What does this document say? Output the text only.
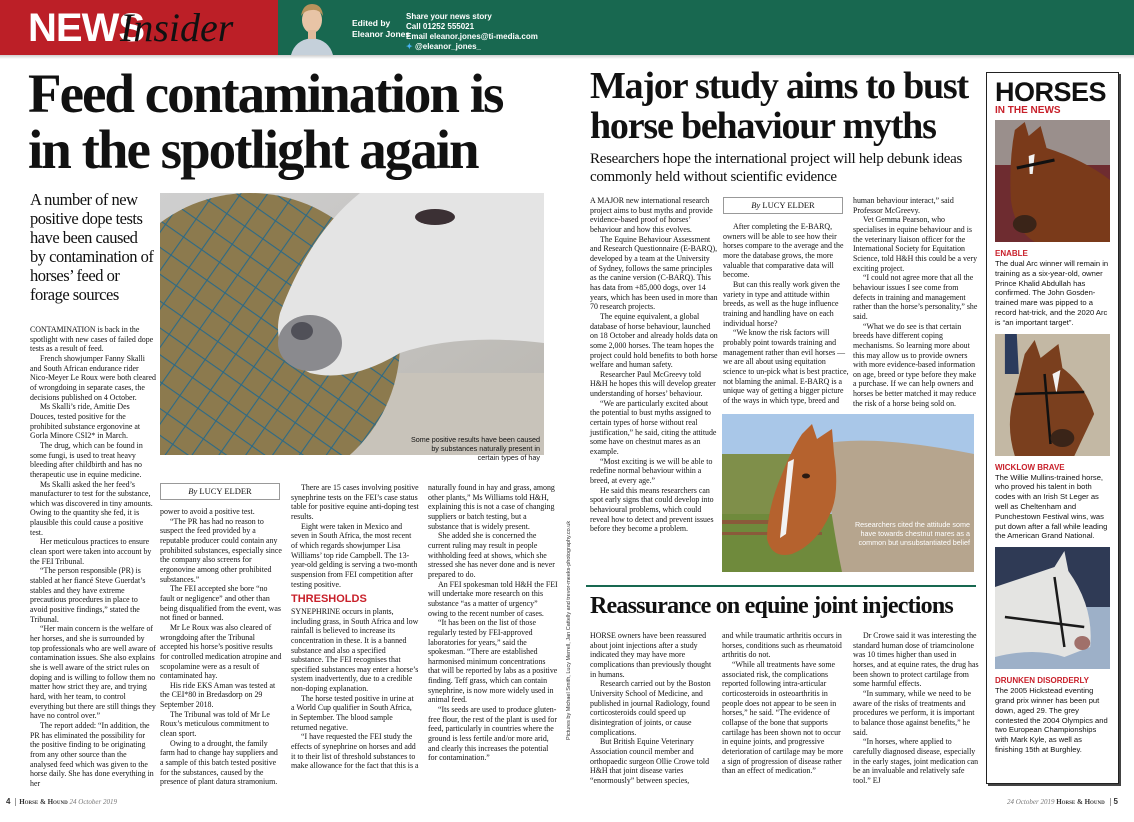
NEWS
Insider	Edited by
Eleanor Jones
Share your news story
Call 01252 555021
Email eleanor.jones@ti-media.com
✦ @eleanor_jones_
Feed contamination is
in the spotlight again
A number of new positive dope tests have been caused by contamination of horses’ feed or forage sources
Some positive results have been caused by substances naturally present in certain types of hay
By LUCY ELDER

CONTAMINATION is back in the spotlight with new cases of failed dope tests as a result of feed.

French showjumper Fanny Skalli and South African endurance rider Nico-Meyer Le Roux were both cleared of wrongdoing in separate cases, the decisions published on 4 October.

Ms Skalli’s ride, Amitie Des Douces, tested positive for the prohibited substance ergonovine at Gorla Minore CSI2* in March.

The drug, which can be found in some fungi, is used to treat heavy bleeding after childbirth and has no therapeutic use in equine medicine.

Ms Skalli asked the her feed’s manufacturer to test for the substance, which was discovered in tiny amounts. Owing to the quantity she fed, it is plausible this could cause a positive test.

Her meticulous practices to ensure clean sport were taken into account by the FEI Tribunal.

“The person responsible (PR) is stabled at her fiancé Steve Guerdat’s stables and they have extreme precautious procedures in place to avoid positive findings,” stated the Tribunal.

“Her main concern is the welfare of her horses, and she is surrounded by top professionals who are well aware of contamination issues. She also explains she is well aware of the strict rules on doping and is willing to follow them no matter how strict they are, and trying hard, with her team, to control everything but there are still things they have no control over.”

The report added: “In addition, the PR has eliminated the possibility for the positive finding to be originating from any other source than the analysed feed which was given to the horse daily. She has done everything in her

power to avoid a positive test.

“The PR has had no reason to suspect the feed provided by a reputable producer could contain any prohibited substances, especially since the company also screens for ergonovine among other prohibited substances.”

The FEI accepted she bore “no fault or negligence” and other than being disqualified from the event, was not fined or banned.

Mr Le Roux was also cleared of wrongdoing after the Tribunal accepted his horse’s positive results for controlled medication atropine and scopolamine were as a result of contaminated hay.

His ride EKS Aman was tested at the CEI*80 in Bredasdorp on 29 September 2018.

The Tribunal was told of Mr Le Roux’s meticulous commitment to clean sport.

Owing to a drought, the family farm had to change hay suppliers and a sample of this batch tested positive for the substances, caused by the presence of plant datura stramonium.

There are 15 cases involving positive synephrine tests on the FEI’s case status table for positive equine anti-doping test results.

Eight were taken in Mexico and seven in South Africa, the most recent of which regards showjumper Lisa Williams’ top ride Campbell. The 13-year-old gelding is serving a two-month suspension from FEI competition after testing positive.

THRESHOLDS

SYNEPHRINE occurs in plants, including grass, in South Africa and low rainfall is believed to increase its concentration in these. It is a banned substance and also a specified substance. The FEI recognises that specified substances may enter a horse’s system inadvertently, due to a credible non-doping explanation.

The horse tested positive in urine at a World Cup qualifier in South Africa, in September. The blood sample returned negative.

“I have requested the FEI study the effects of synephrine on horses and add it to their list of threshold substances to make allowance for the fact that this is a

naturally found in hay and grass, among other plants,” Ms Williams told H&H, explaining this is not a case of changing suppliers or batch testing, but a substance that is widely present.

She added she is concerned the current ruling may result in people withholding feed at shows, which she stressed she has never done and is never prepared to do.

An FEI spokesman told H&H the FEI will undertake more research on this substance “as a matter of urgency” owing to the recent number of cases.

“It has been on the list of those regularly tested by FEI-approved laboratories for years,” said the spokesman. “There are established harmonised minimum concentrations that will be reported by labs as a positive finding. Teff grass, which can contain synephrine, is now more widely used in animal feed.

“Its seeds are used to produce gluten-free flour, the rest of the plant is used for feed, particularly in countries where the ground is less fertile and/or more arid, and clearly this increases the potential for contamination.”

Pictures by Michael Smith, Lucy Merrell, Jan Cattelly and trevor-meeks-photography.co.uk
Major study aims to bust
horse behaviour myths
Researchers hope the international project will help debunk ideas commonly held without scientific evidence

A MAJOR new international research project aims to bust myths and provide evidence-based proof of horses’ behaviour and how this evolves.

The Equine Behaviour Assessment and Research Questionnaire (E-BARQ), developed by a team at the University of Sydney, follows the same principles as the canine version (C-BARQ). This has data from +85,000 dogs, over 14 years, which has been used in more than 70 research projects.

The equine equivalent, a global database of horse behaviour, launched on 18 October and already holds data on some 2,000 horses. The team hopes the project could hold benefits to both horse welfare and human safety.

Researcher Paul McGreevy told H&H he hopes this will develop greater understanding of horses’ behaviour.

“We are particularly excited about the potential to bust myths assigned to certain types of horse without real justification,” he said, citing the attitude some have on chestnut mares as an example.

“Most exciting is we will be able to redefine normal behaviour within a breed, at every age.”

He said this means researchers can spot early signs that could develop into behavioural problems, which could reveal how to detect and prevent issues before they become a problem.

By LUCY ELDER

After completing the E-BARQ, owners will be able to see how their horses compare to the average and the more the database grows, the more valuable that comparative data will become.

But can this really work given the variety in type and attitude within breeds, as well as the huge influence training and handling have on each individual horse?

“We know the risk factors will probably point towards training and management rather than evil horses — we are all about using equitation science to un-pick what is best practice, not blaming the animal. E-BARQ is a unique way of getting a bigger picture of the ways in which type, breed and

human behaviour interact,” said Professor McGreevy.

Vet Gemma Pearson, who specialises in equine behaviour and is the veterinary liaison officer for the International Society for Equitation Science, told H&H this could be a very exciting project.

“I could not agree more that all the behaviour issues I see come from defects in training and management rather than the horse’s personality,” she said.

“What we do see is that certain breeds have different coping mechanisms. So learning more about this may allow us to provide owners with more evidence-based information on age, breed or type before they make a purchase. If we can help owners and horses be better matched it may reduce the risk of a horse being sold on.

Researchers cited the attitude some have towards chestnut mares as a common but unsubstantiated belief
Reassurance on equine joint injections

HORSE owners have been reassured about joint injections after a study indicated they may have more complications than previously thought in humans.

Research carried out by the Boston University School of Medicine, and published in journal Radiology, found corticosteroids could speed up disintegration of joints, or cause complications.

But British Equine Veterinary Association council member and orthopaedic surgeon Ollie Crowe told H&H that joint disease varies “enormously” between species,

and while traumatic arthritis occurs in horses, conditions such as rheumatoid arthritis do not.

“While all treatments have some associated risk, the complications reported following intra-articular corticosteroids in osteoarthritis in people does not appear to be seen in horses,” he said. “The evidence of collapse of the bone that supports cartilage has been shown not to occur in equine joints, and progressive deterioration of cartilage may be more a sign of progression of disease rather than an effect of medication.”

Dr Crowe said it was interesting the standard human dose of triamcinolone was 10 times higher than used in horses, and at equine rates, the drug has been shown to protect cartilage from some harmful effects.

“In summary, while we need to be aware of the risks of treatments and procedures we perform, it is important to balance those against benefits,” he said.

“In horses, where applied to carefully diagnosed disease, especially in the early stages, joint medication can be an invaluable and relatively safe tool.” EJ

HORSES
IN THE NEWS
ENABLE
The dual Arc winner will remain in training as a six-year-old, owner Prince Khalid Abdullah has confirmed. The John Gosden-trained mare was pipped to a record hat-trick, and the 2020 Arc is “an important target”.
WICKLOW BRAVE
The Willie Mullins-trained horse, who proved his talent in both codes with an Irish St Leger as well as Cheltenham and Punchestown Festival wins, was put down after a fall while leading the American Grand National.
DRUNKEN DISORDERLY
The 2005 Hickstead eventing grand prix winner has been put down, aged 29. The grey contested the 2004 Olympics and two European Championships with Mark Kyle, as well as finishing 15th at Burghley.
4 Horse & Hound 24 October 2019	24 October 2019 Horse & Hound 5
